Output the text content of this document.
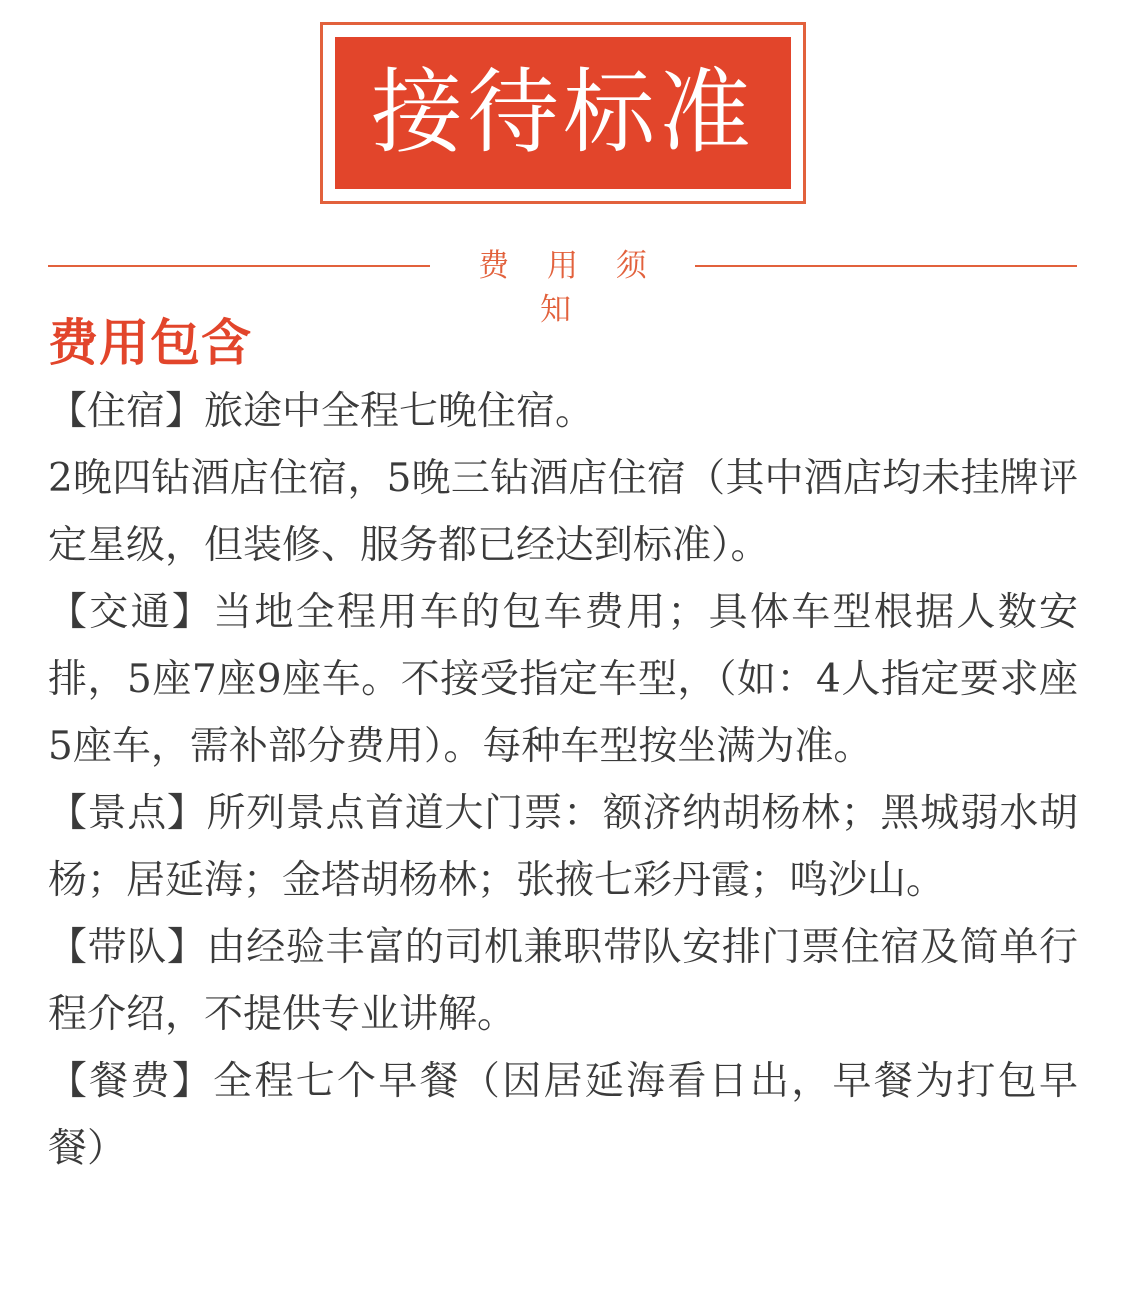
接待标准
费 用 须 知
费用包含

【住宿】旅途中全程七晚住宿。

2晚四钻酒店住宿，5晚三钻酒店住宿（其中酒店均未挂牌评定星级，但装修、服务都已经达到标准）。

【交通】当地全程用车的包车费用；具体车型根据人数安排，5座7座9座车。不接受指定车型，（如：4人指定要求座5座车，需补部分费用）。每种车型按坐满为准。

【景点】所列景点首道大门票：额济纳胡杨林；黑城弱水胡杨；居延海；金塔胡杨林；张掖七彩丹霞；鸣沙山。

【带队】由经验丰富的司机兼职带队安排门票住宿及简单行程介绍，不提供专业讲解。

【餐费】全程七个早餐（因居延海看日出，早餐为打包早餐）
